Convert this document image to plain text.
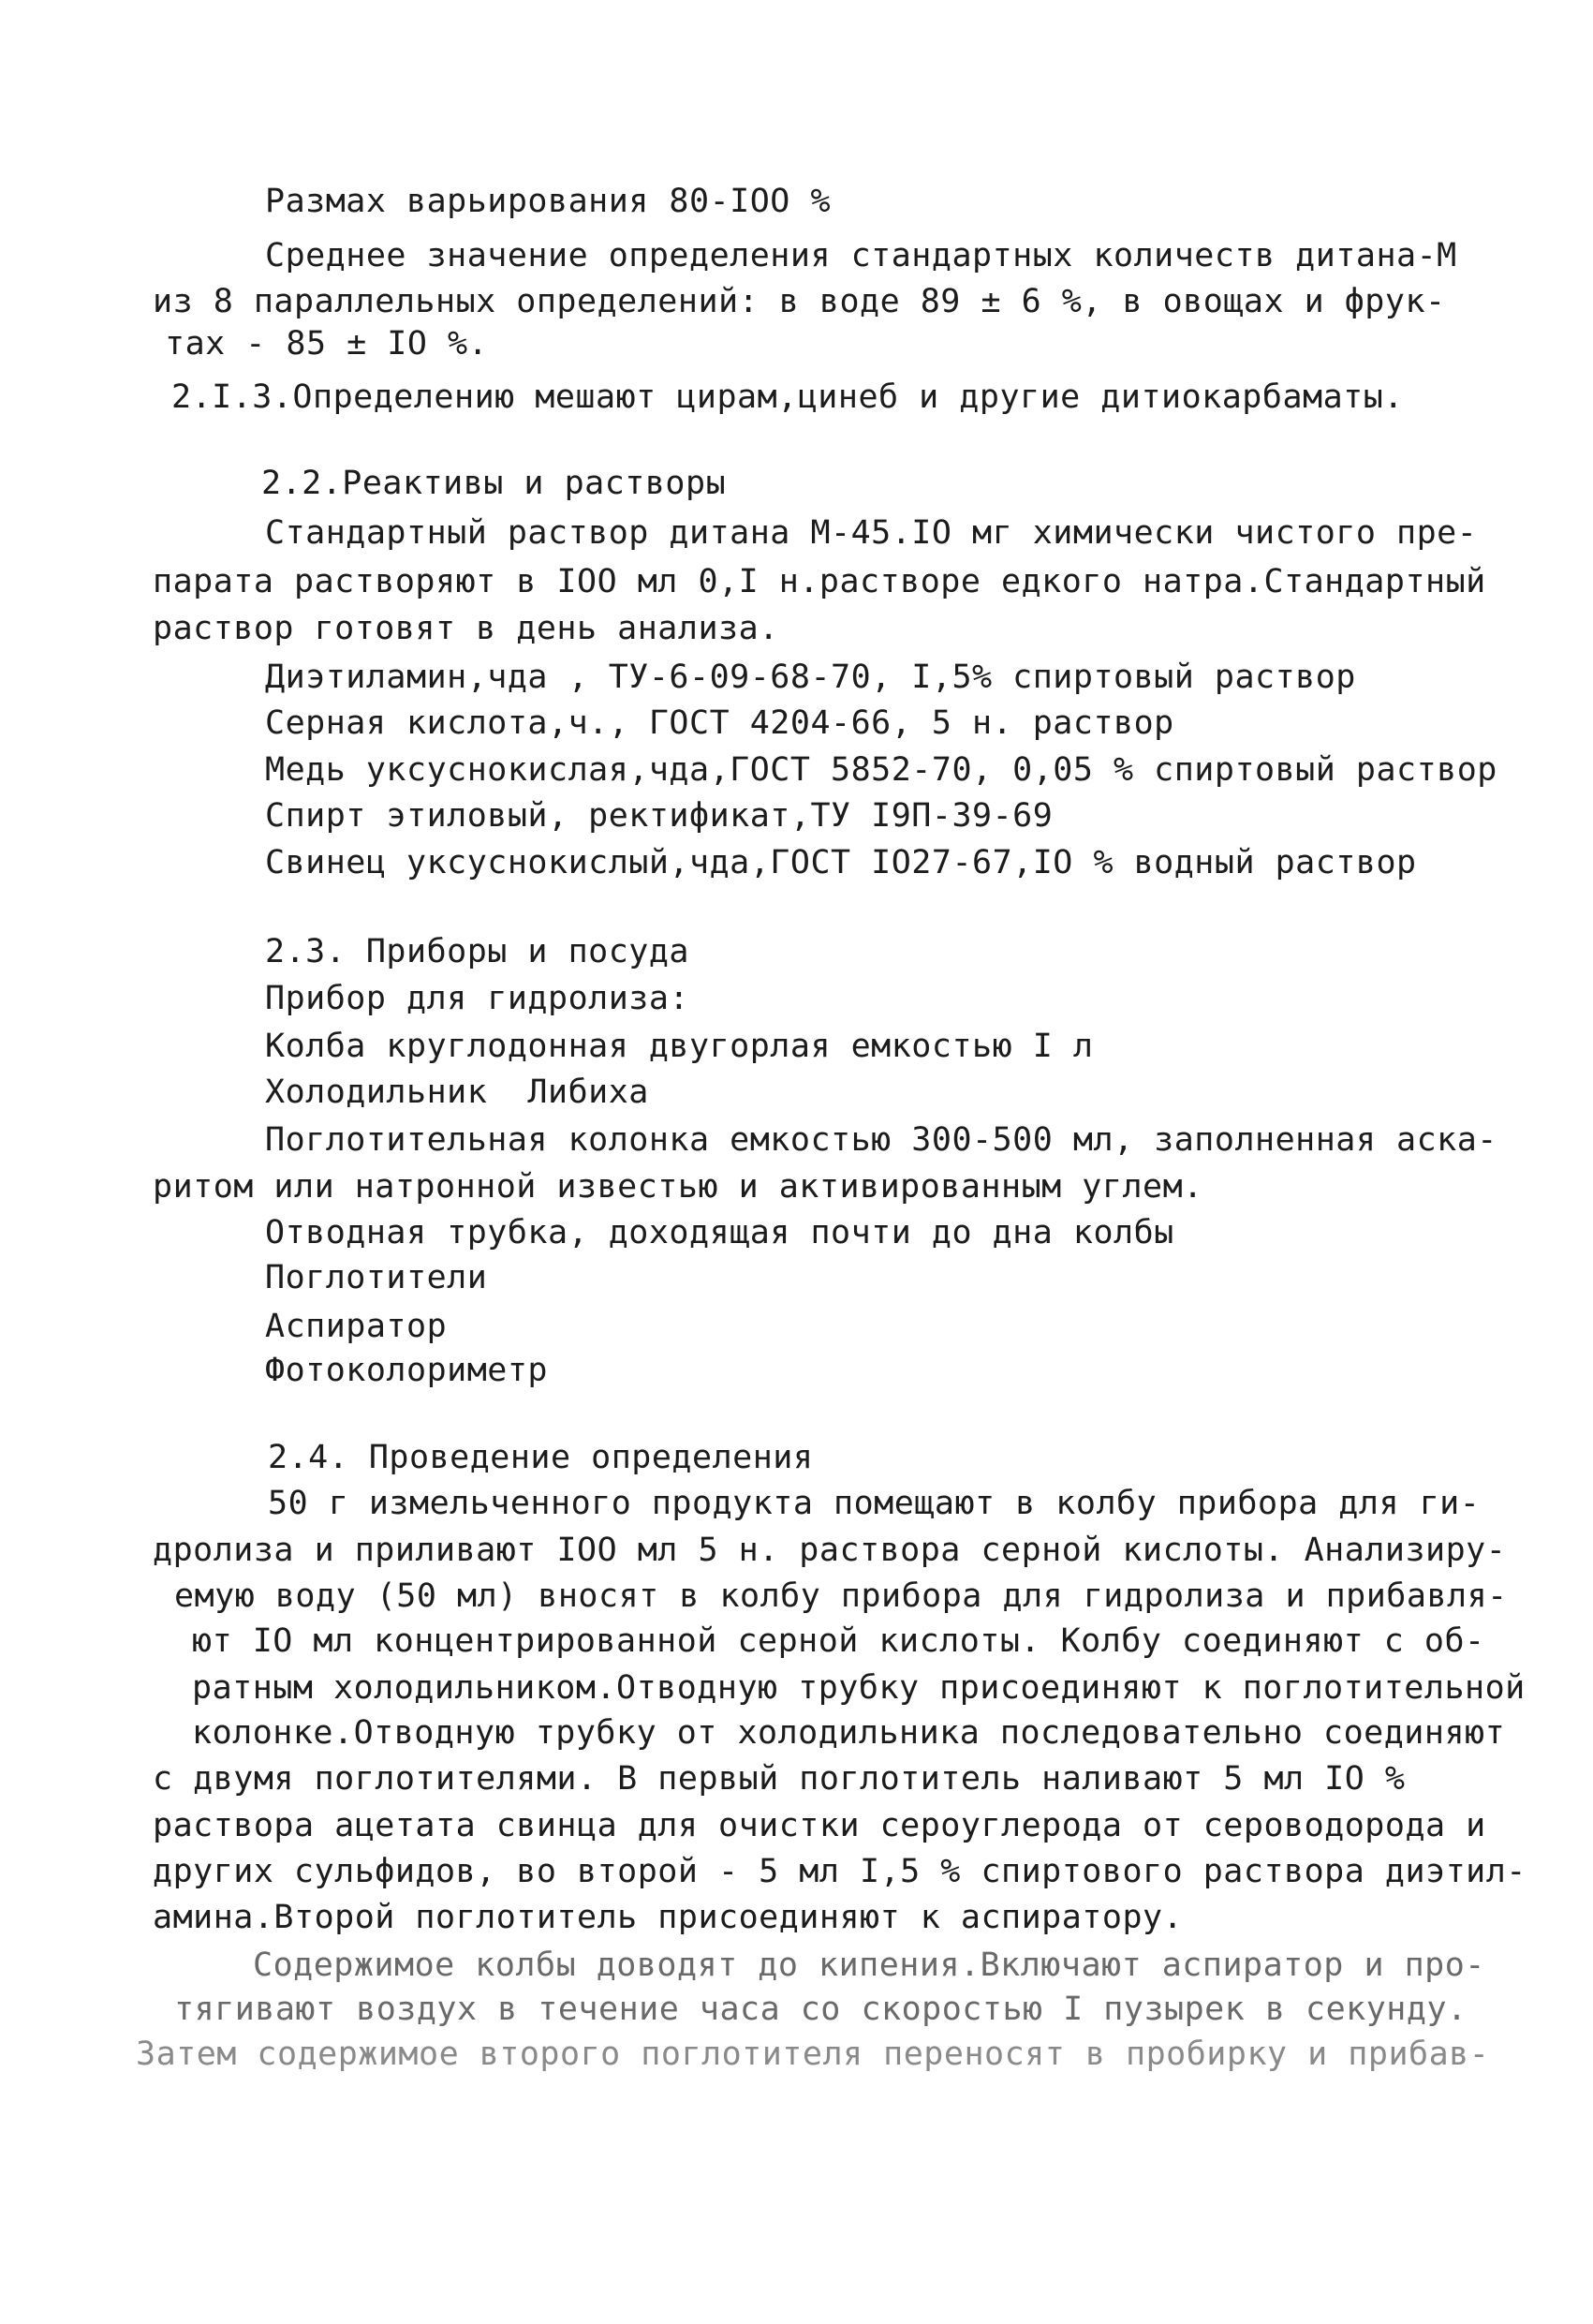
Размах варьирования 80-IOO %
Среднее значение определения стандартных количеств дитана-М
из 8 параллельных определений: в воде 89 ± 6 %, в овощах и фрук-
тах - 85 ± IO %.
2.I.3.Определению мешают цирам,цинеб и другие дитиокарбаматы.
2.2.Реактивы и растворы
Стандартный раствор дитана М-45.IO мг химически чистого пре-
парата растворяют в IOO мл 0,I н.растворе едкого натра.Стандартный
раствор готовят в день анализа.
Диэтиламин,чда , ТУ-6-09-68-70, I,5% спиртовый раствор
Серная кислота,ч., ГОСТ 4204-66, 5 н. раствор
Медь уксуснокислая,чда,ГОСТ 5852-70, 0,05 % спиртовый раствор
Спирт этиловый, ректификат,ТУ I9П-39-69
Свинец уксуснокислый,чда,ГОСТ IO27-67,IO % водный раствор
2.3. Приборы и посуда
Прибор для гидролиза:
Колба круглодонная двугорлая емкостью I л
Холодильник  Либиха
Поглотительная колонка емкостью 300-500 мл, заполненная аска-
ритом или натронной известью и активированным углем.
Отводная трубка, доходящая почти до дна колбы
Поглотители
Аспиратор
Фотоколориметр
2.4. Проведение определения
50 г измельченного продукта помещают в колбу прибора для ги-
дролиза и приливают IOO мл 5 н. раствора серной кислоты. Анализиру-
емую воду (50 мл) вносят в колбу прибора для гидролиза и прибавля-
ют IO мл концентрированной серной кислоты. Колбу соединяют с об-
ратным холодильником.Отводную трубку присоединяют к поглотительной
колонке.Отводную трубку от холодильника последовательно соединяют
с двумя поглотителями. В первый поглотитель наливают 5 мл IO %
раствора ацетата свинца для очистки сероуглерода от сероводорода и
других сульфидов, во второй - 5 мл I,5 % спиртового раствора диэтил-
амина.Второй поглотитель присоединяют к аспиратору.
Содержимое колбы доводят до кипения.Включают аспиратор и про-
тягивают воздух в течение часа со скоростью I пузырек в секунду.
Затем содержимое второго поглотителя переносят в пробирку и прибав-
